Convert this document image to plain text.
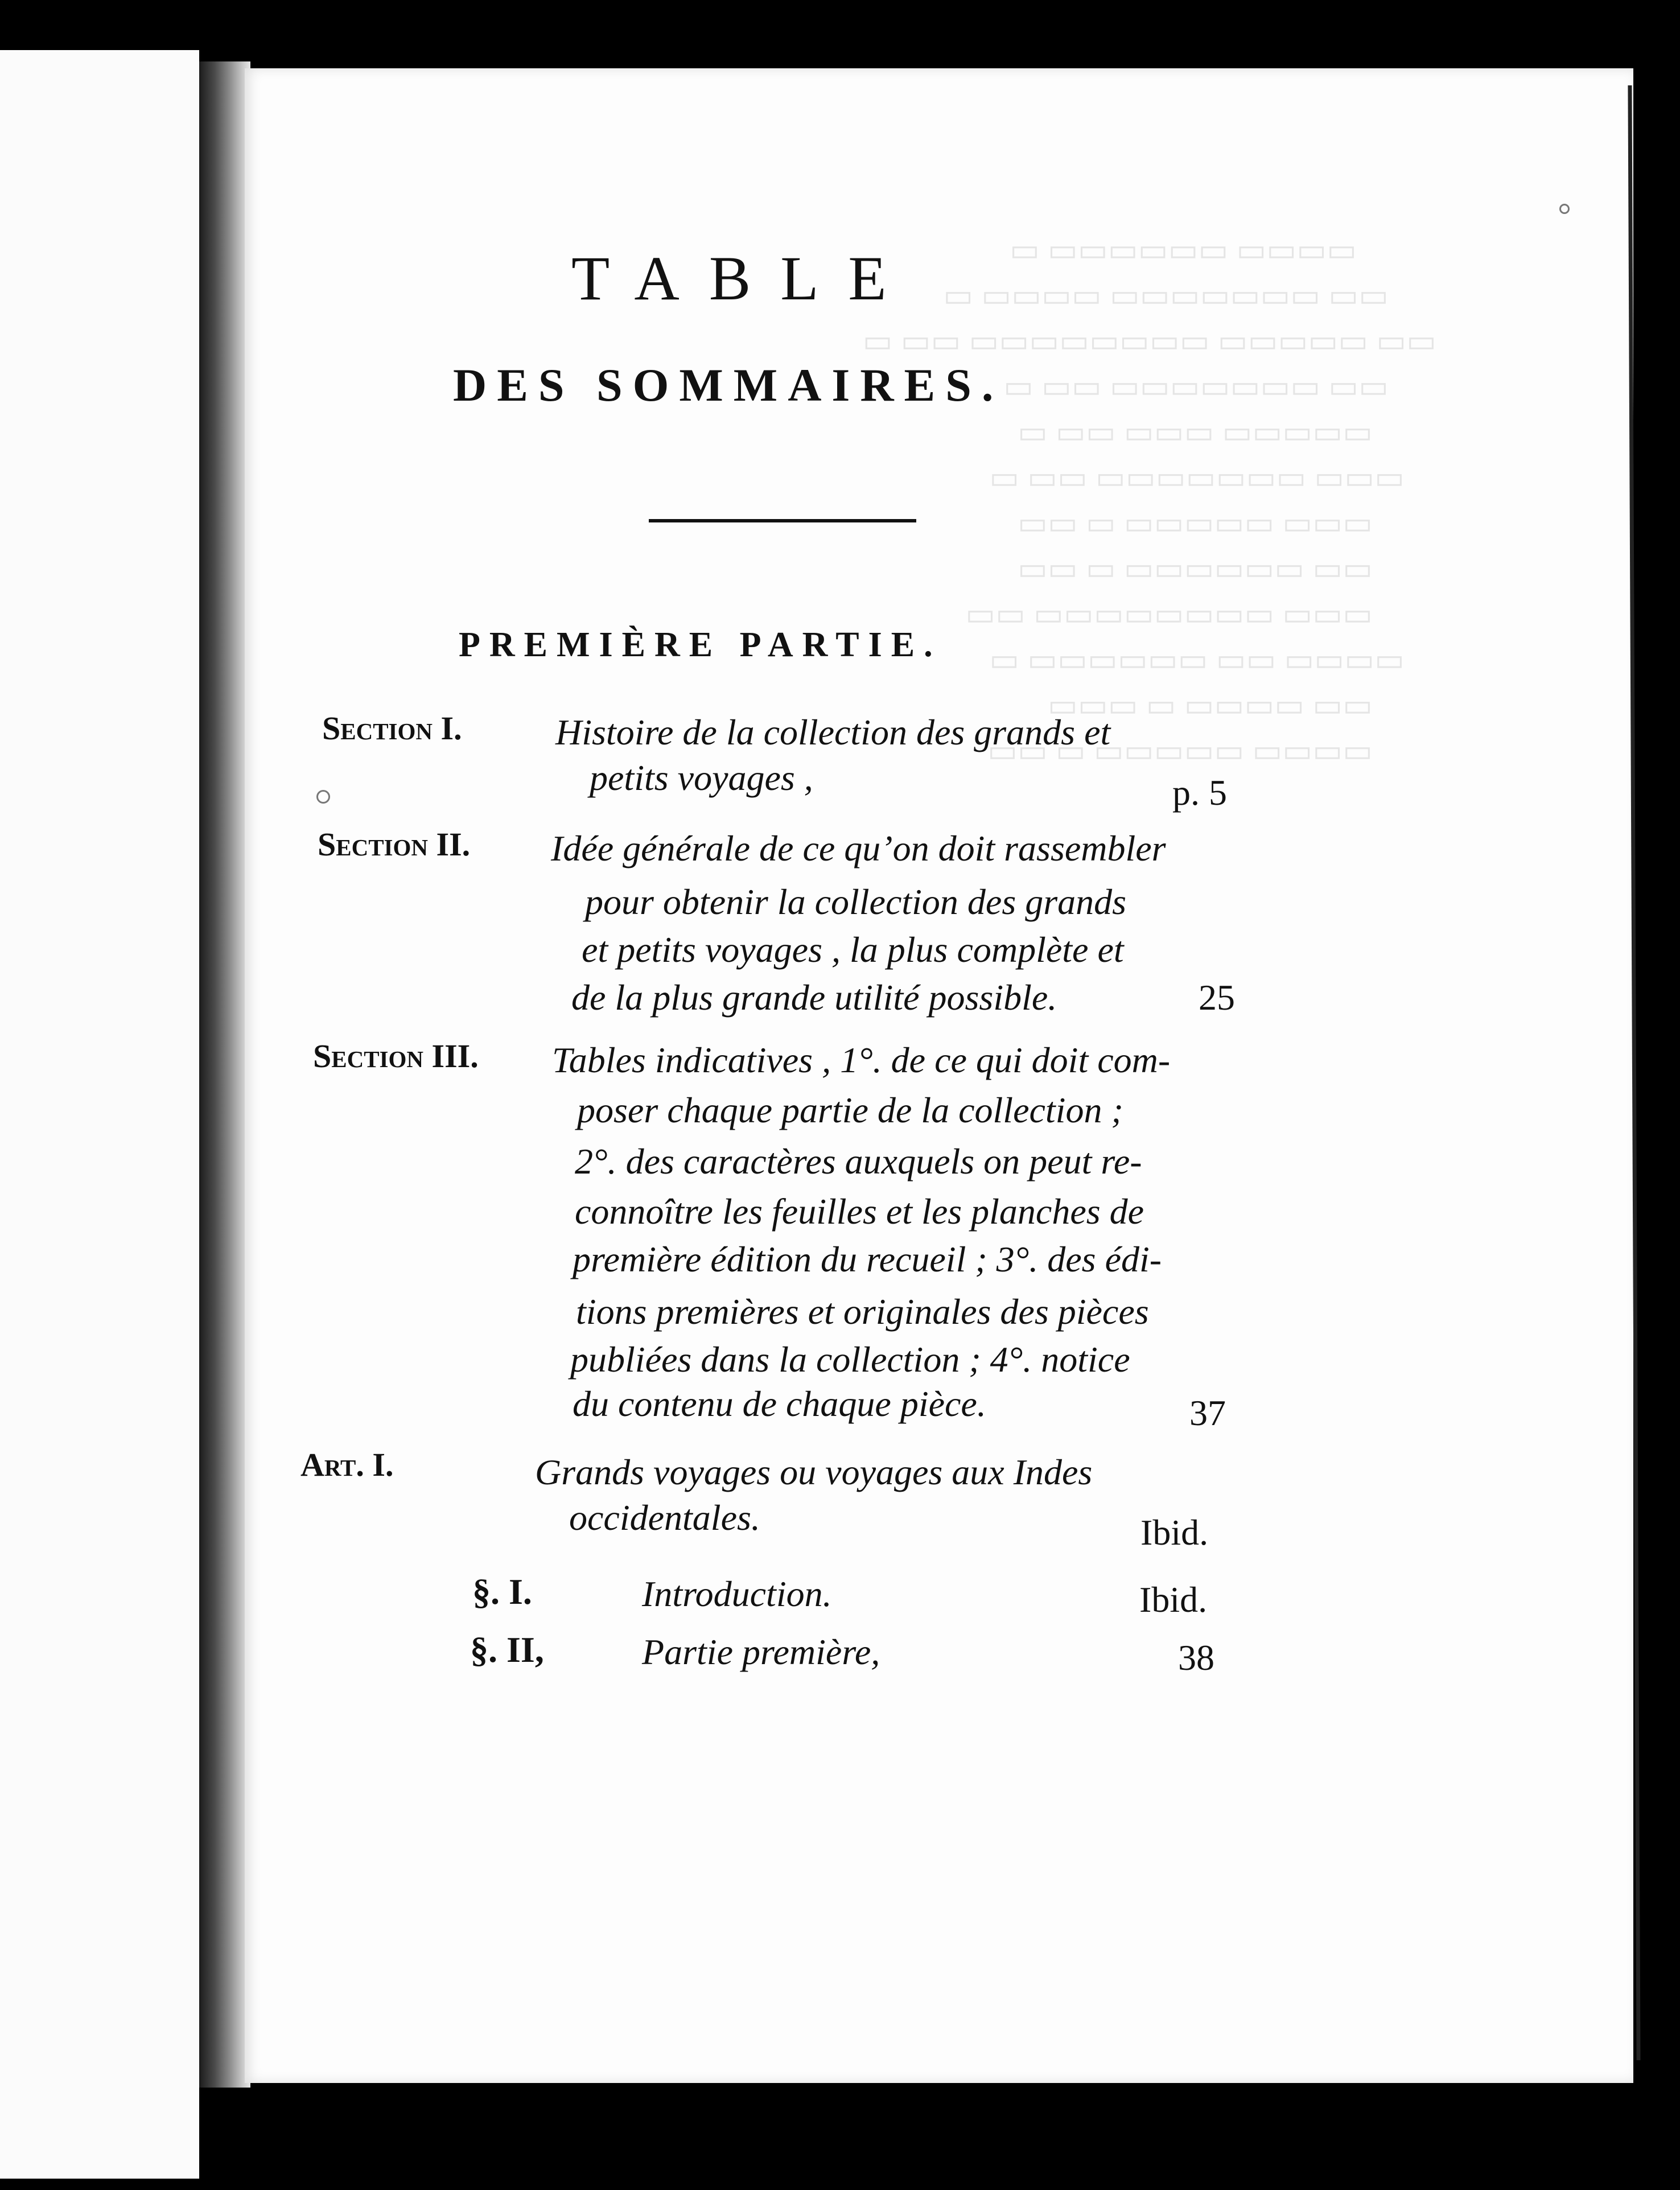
TABLE
DES SOMMAIRES.
PREMIÈRE PARTIE.
Section I.	Histoire de la collection des grands et
petits voyages ,	p. 5
Section II. Idée générale de ce qu’on doit rassembler
pour obtenir la collection des grands
et petits voyages , la plus complète et
de la plus grande utilité possible.	25
Section III. Tables indicatives , 1°. de ce qui doit com-
poser chaque partie de la collection ;
2°. des caractères auxquels on peut re-
connoître les feuilles et les planches de
première édition du recueil ; 3°. des édi-
tions premières et originales des pièces
publiées dans la collection ; 4°. notice
du contenu de chaque pièce.	37
Art. I.	Grands voyages ou voyages aux Indes
occidentales.	Ibid.
§. I.	Introduction.	Ibid.
§. II,	Partie première,	38
